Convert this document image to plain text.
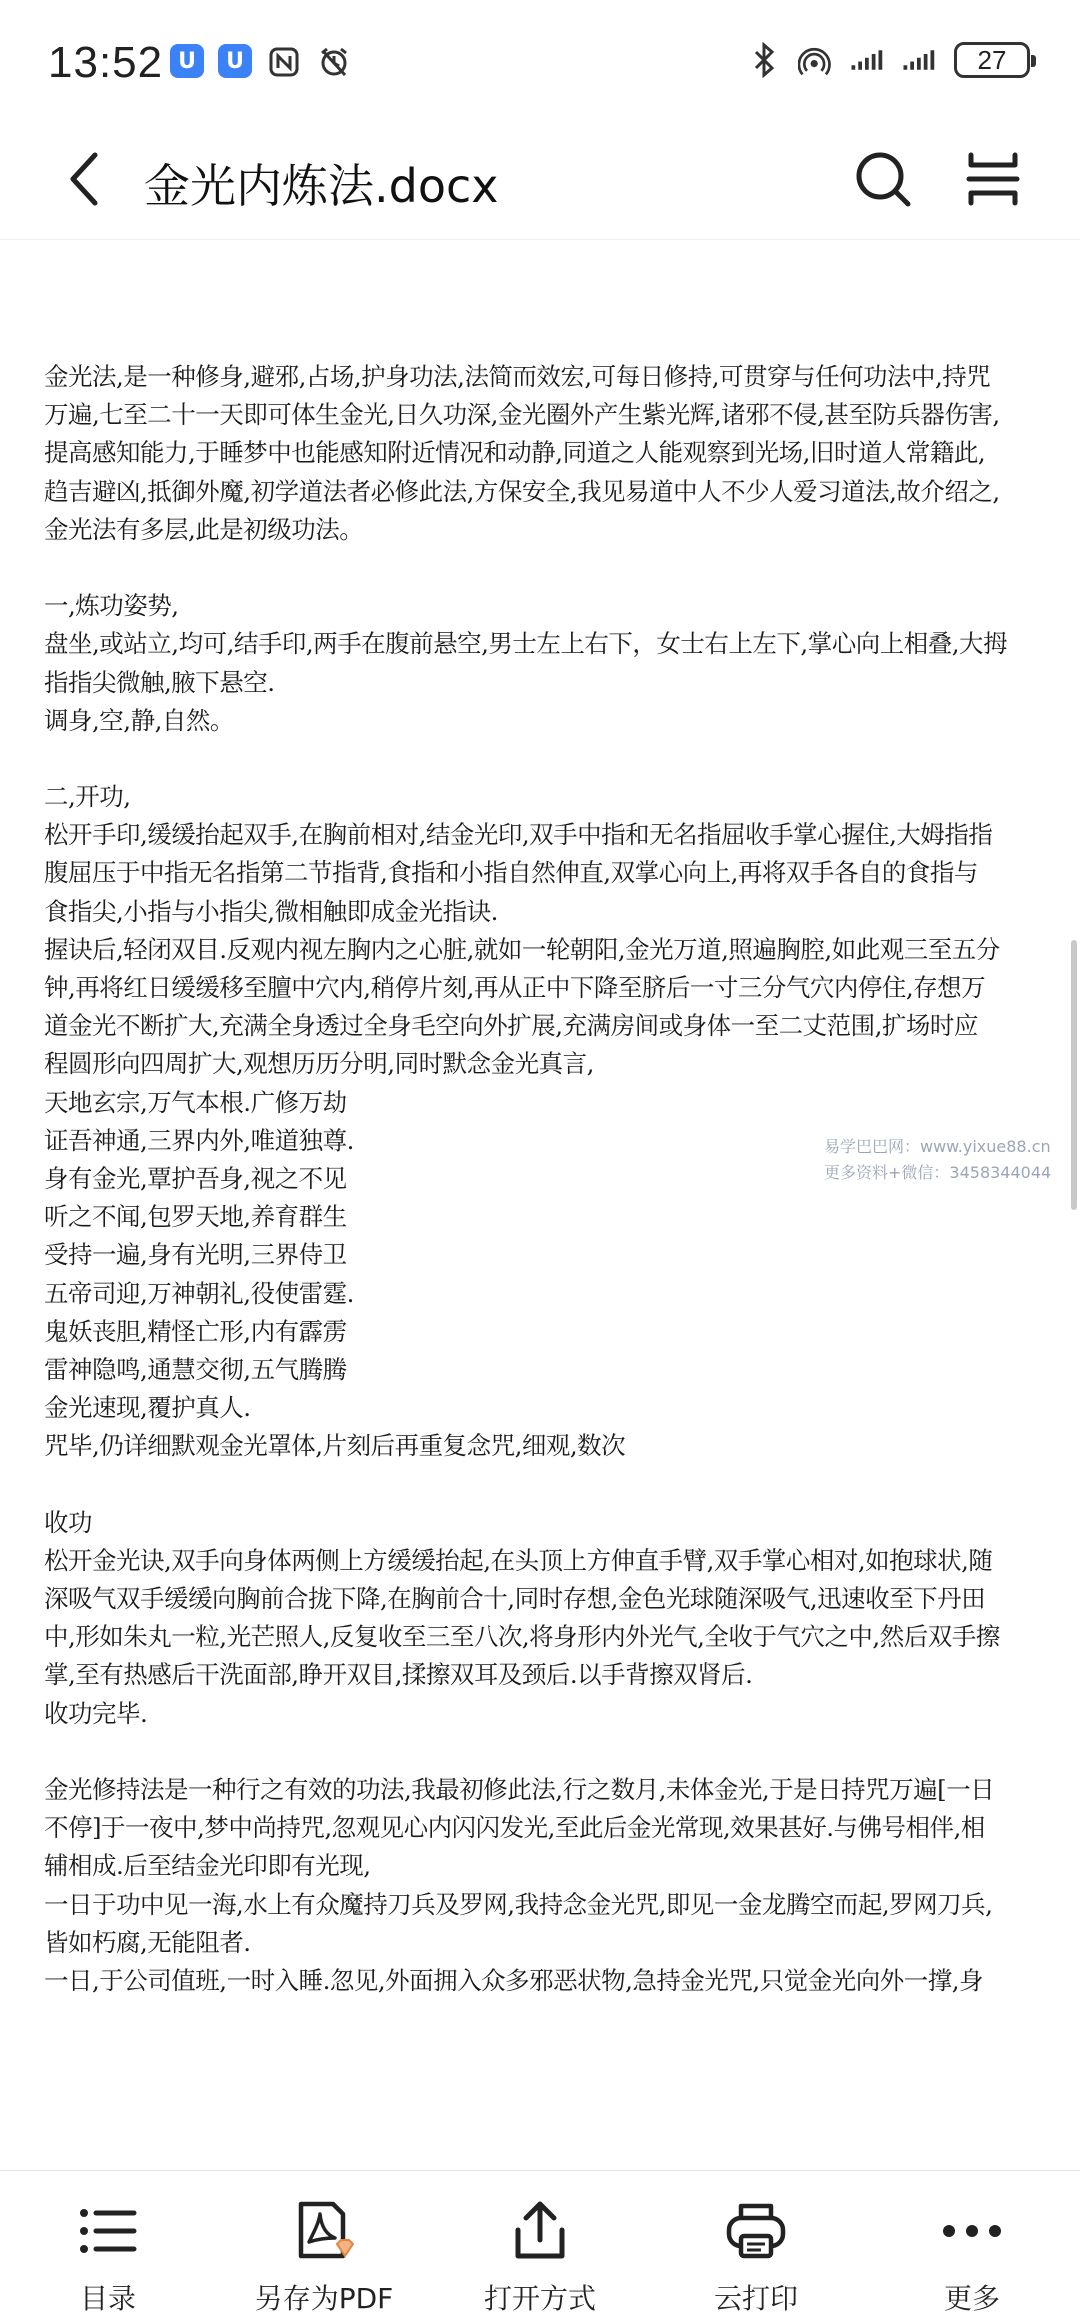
13:52 U	U	27
金光内炼法.docx

金光法,是一种修身,避邪,占场,护身功法,法简而效宏,可每日修持,可贯穿与任何功法中,持咒

万遍,七至二十一天即可体生金光,日久功深,金光圈外产生紫光辉,诸邪不侵,甚至防兵器伤害,

提高感知能力,于睡梦中也能感知附近情况和动静,同道之人能观察到光场,旧时道人常籍此,

趋吉避凶,抵御外魔,初学道法者必修此法,方保安全,我见易道中人不少人爱习道法,故介绍之,

金光法有多层,此是初级功法。

一,炼功姿势,

盘坐,或站立,均可,结手印,两手在腹前悬空,男士左上右下，女士右上左下,掌心向上相叠,大拇

指指尖微触,腋下悬空.

调身,空,静,自然。

二,开功,

松开手印,缓缓抬起双手,在胸前相对,结金光印,双手中指和无名指屈收手掌心握住,大姆指指

腹屈压于中指无名指第二节指背,食指和小指自然伸直,双掌心向上,再将双手各自的食指与

食指尖,小指与小指尖,微相触即成金光指诀.

握诀后,轻闭双目.反观内视左胸内之心脏,就如一轮朝阳,金光万道,照遍胸腔,如此观三至五分

钟,再将红日缓缓移至膻中穴内,稍停片刻,再从正中下降至脐后一寸三分气穴内停住,存想万

道金光不断扩大,充满全身透过全身毛空向外扩展,充满房间或身体一至二丈范围,扩场时应

程圆形向四周扩大,观想历历分明,同时默念金光真言,

天地玄宗,万气本根.广修万劫

证吾神通,三界内外,唯道独尊.

身有金光,覃护吾身,视之不见

听之不闻,包罗天地,养育群生

受持一遍,身有光明,三界侍卫

五帝司迎,万神朝礼,役使雷霆.

鬼妖丧胆,精怪亡形,内有霹雳

雷神隐鸣,通慧交彻,五气腾腾

金光速现,覆护真人.

咒毕,仍详细默观金光罩体,片刻后再重复念咒,细观,数次

收功

松开金光诀,双手向身体两侧上方缓缓抬起,在头顶上方伸直手臂,双手掌心相对,如抱球状,随

深吸气双手缓缓向胸前合拢下降,在胸前合十,同时存想,金色光球随深吸气,迅速收至下丹田

中,形如朱丸一粒,光芒照人,反复收至三至八次,将身形内外光气,全收于气穴之中,然后双手擦

掌,至有热感后干洗面部,睁开双目,揉擦双耳及颈后.以手背擦双肾后.

收功完毕.

金光修持法是一种行之有效的功法,我最初修此法,行之数月,未体金光,于是日持咒万遍[一日

不停]于一夜中,梦中尚持咒,忽观见心内闪闪发光,至此后金光常现,效果甚好.与佛号相伴,相

辅相成.后至结金光印即有光现,

一日于功中见一海,水上有众魔持刀兵及罗网,我持念金光咒,即见一金龙腾空而起,罗网刀兵,

皆如朽腐,无能阻者.

一日,于公司值班,一时入睡.忽见,外面拥入众多邪恶状物,急持金光咒,只觉金光向外一撑,身

易学巴巴网：www.yixue88.cn
更多资料+微信：3458344044
目录	另存为PDF	打开方式	云打印	更多
